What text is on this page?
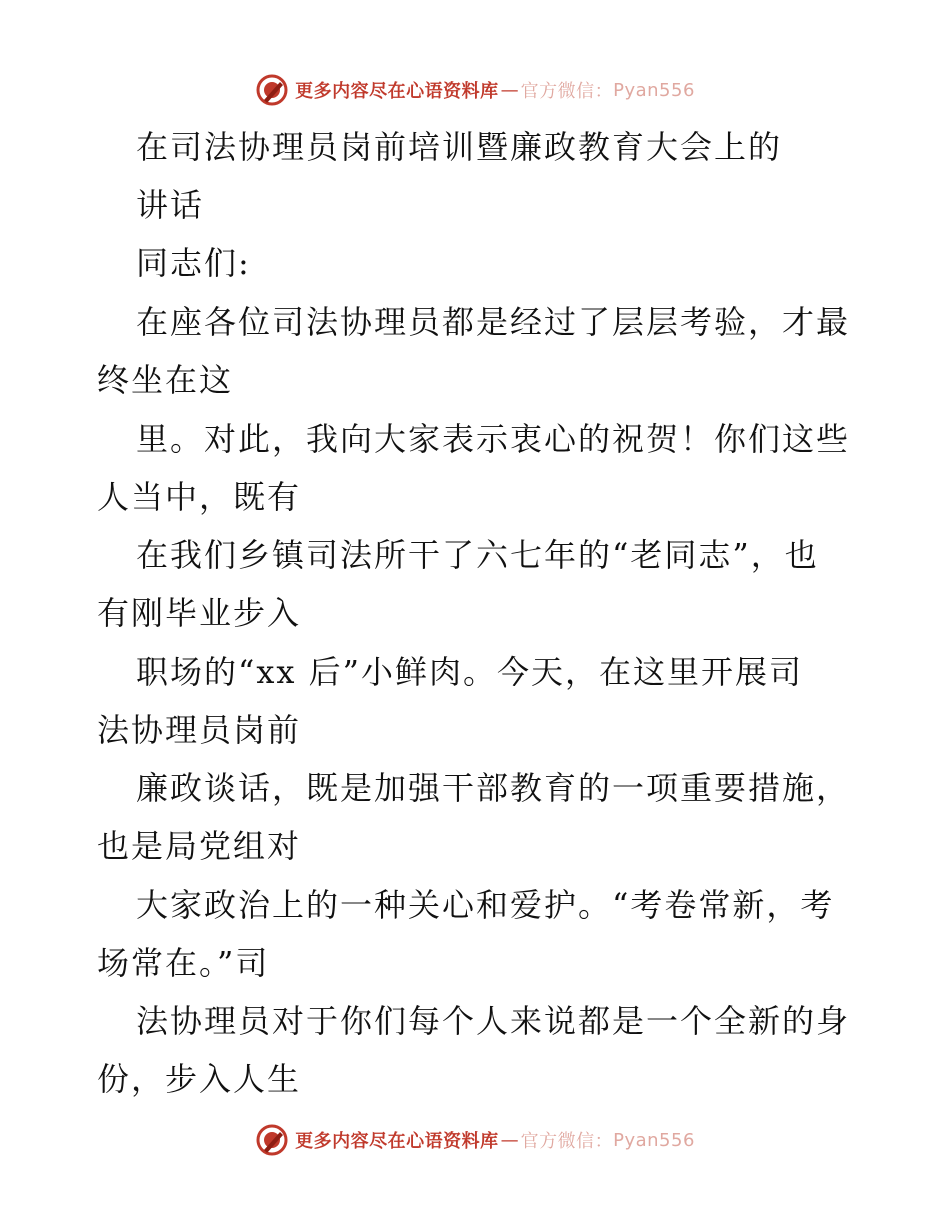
更多内容尽在心语资料库 — 官方微信： Pyan556
在司法协理员岗前培训暨廉政教育大会上的
讲话
同志们:
在座各位司法协理员都是经过了层层考验，才最
终坐在这
里。对此，我向大家表示衷心的祝贺！你们这些
人当中，既有
在我们乡镇司法所干了六七年的“老同志”，也
有刚毕业步入
职场的“xx 后”小鲜肉。今天，在这里开展司
法协理员岗前
廉政谈话，既是加强干部教育的一项重要措施，
也是局党组对
大家政治上的一种关心和爱护。“考卷常新，考
场常在。”司
法协理员对于你们每个人来说都是一个全新的身
份，步入人生
更多内容尽在心语资料库 — 官方微信： Pyan556
